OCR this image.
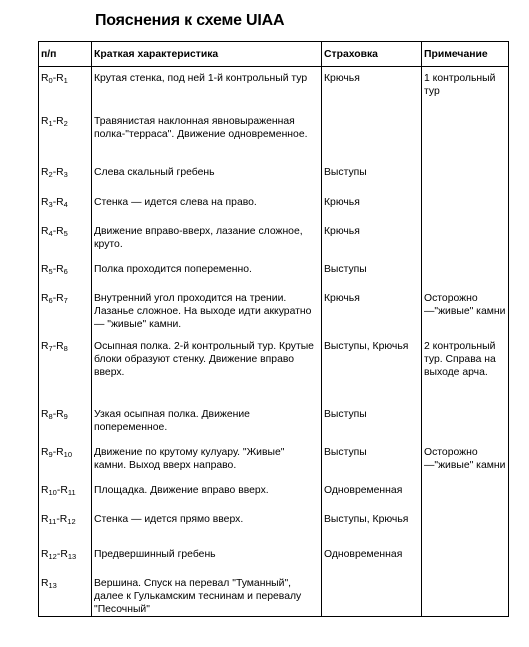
Пояснения к схеме UIAA
п/п	Краткая характеристика	Страховка	Примечание
$R_0-R_1$	Крутая стенка, под ней 1-й контрольный тур	Крючья	1 контрольный тур
$R_1-R_2$	Травянистая наклонная явновыраженная полка-"терраса". Движение одновременное.		
$R_2-R_3$	Слева скальный гребень	Выступы	
$R_3-R_4$	Стенка — идется слева на право.	Крючья	
$R_4-R_5$	Движение вправо-вверх, лазание сложное, круто.	Крючья	
$R_5-R_6$	Полка проходится попеременно.	Выступы	
$R_6-R_7$	Внутренний угол проходится на трении. Лазанье сложное. На выходе идти аккуратно — "живые" камни.	Крючья	Осторожно—"живые" камни
$R_7-R_8$	Осыпная полка. 2-й контрольный тур. Крутые блоки образуют стенку. Движение вправо вверх.	Выступы, Крючья	2 контрольный тур. Справа на выходе арча.
$R_8-R_9$	Узкая осыпная полка. Движение попеременное.	Выступы	
$R_9-R_{10}$	Движение по крутому кулуару. "Живые" камни. Выход вверх направо.	Выступы	Осторожно—"живые" камни
$R_{10}-R_{11}$	Площадка. Движение вправо вверх.	Одновременная	
$R_{11}-R_{12}$	Стенка — идется прямо вверх.	Выступы, Крючья	
$R_{12}-R_{13}$	Предвершинный гребень	Одновременная	
$R_{13}$	Вершина. Спуск на перевал "Туманный", далее к Гулькамским теснинам и перевалу "Песочный"		
